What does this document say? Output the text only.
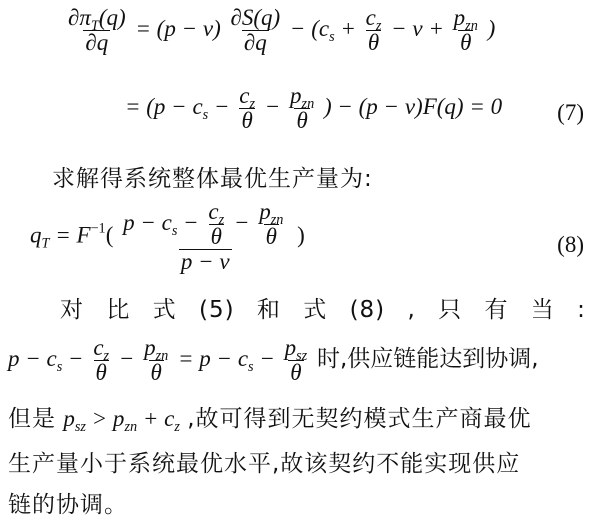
$\frac{\partial\pi_T(q)}{\partial q} = (p - v) \frac{\partial S(q)}{\partial q} - (c_s + \frac{c_z}{\theta} - v + \frac{p_{zn}}{\theta}$ )
= ($p - c_s - \frac{c_z}{\theta} - \frac{p_{zn}}{\theta}$ ) − (p − v)F(q) = 0	(7)
求解得系统整体最优生产量为:
$q_T = F^{-1}$(
$p - c_s - \frac{c_z}{\theta} - \frac{p_{zn}}{\theta}$
p − v
)	(8)
对 比 式 (5) 和 式 (8) , 只 有 当 :
$p - c_s - \frac{c_z}{\theta} - \frac{p_{zn}}{\theta} = p - c_s - \frac{p_{sz}}{\theta}$ 时,供应链能达到协调,
但是 $p_{sz} > p_{zn} + c_z$ ,故可得到无契约模式生产商最优
生产量小于系统最优水平,故该契约不能实现供应
链的协调。
